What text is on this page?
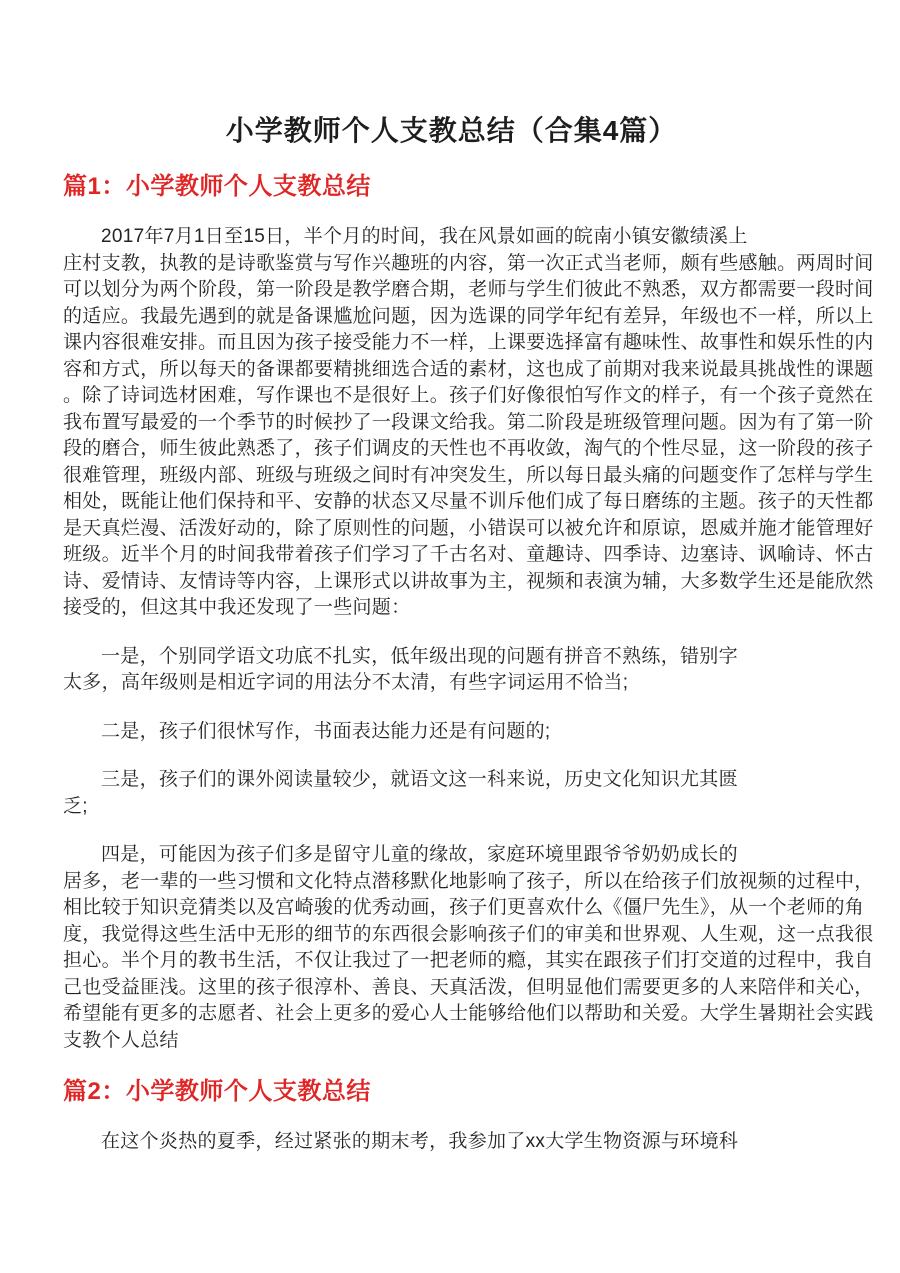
小学教师个人支教总结（合集4篇）
篇1：小学教师个人支教总结
2017年7月1日至15日，半个月的时间，我在风景如画的皖南小镇安徽绩溪上
庄村支教，执教的是诗歌鉴赏与写作兴趣班的内容，第一次正式当老师，颇有些感触。两周时间
可以划分为两个阶段，第一阶段是教学磨合期，老师与学生们彼此不熟悉，双方都需要一段时间
的适应。我最先遇到的就是备课尴尬问题，因为选课的同学年纪有差异，年级也不一样，所以上
课内容很难安排。而且因为孩子接受能力不一样，上课要选择富有趣味性、故事性和娱乐性的内
容和方式，所以每天的备课都要精挑细选合适的素材，这也成了前期对我来说最具挑战性的课题
。除了诗词选材困难，写作课也不是很好上。孩子们好像很怕写作文的样子，有一个孩子竟然在
我布置写最爱的一个季节的时候抄了一段课文给我。第二阶段是班级管理问题。因为有了第一阶
段的磨合，师生彼此熟悉了，孩子们调皮的天性也不再收敛，淘气的个性尽显，这一阶段的孩子
很难管理，班级内部、班级与班级之间时有冲突发生，所以每日最头痛的问题变作了怎样与学生
相处，既能让他们保持和平、安静的状态又尽量不训斥他们成了每日磨练的主题。孩子的天性都
是天真烂漫、活泼好动的，除了原则性的问题，小错误可以被允许和原谅，恩威并施才能管理好
班级。近半个月的时间我带着孩子们学习了千古名对、童趣诗、四季诗、边塞诗、讽喻诗、怀古
诗、爱情诗、友情诗等内容，上课形式以讲故事为主，视频和表演为辅，大多数学生还是能欣然
接受的，但这其中我还发现了一些问题：
一是，个别同学语文功底不扎实，低年级出现的问题有拼音不熟练，错别字
太多，高年级则是相近字词的用法分不太清，有些字词运用不恰当;
二是，孩子们很怵写作，书面表达能力还是有问题的;
三是，孩子们的课外阅读量较少，就语文这一科来说，历史文化知识尤其匮
乏;
四是，可能因为孩子们多是留守儿童的缘故，家庭环境里跟爷爷奶奶成长的
居多，老一辈的一些习惯和文化特点潜移默化地影响了孩子，所以在给孩子们放视频的过程中，
相比较于知识竞猜类以及宫崎骏的优秀动画，孩子们更喜欢什么《僵尸先生》，从一个老师的角
度，我觉得这些生活中无形的细节的东西很会影响孩子们的审美和世界观、人生观，这一点我很
担心。半个月的教书生活，不仅让我过了一把老师的瘾，其实在跟孩子们打交道的过程中，我自
己也受益匪浅。这里的孩子很淳朴、善良、天真活泼，但明显他们需要更多的人来陪伴和关心，
希望能有更多的志愿者、社会上更多的爱心人士能够给他们以帮助和关爱。大学生暑期社会实践
支教个人总结
篇2：小学教师个人支教总结
在这个炎热的夏季，经过紧张的期末考，我参加了xx大学生物资源与环境科
